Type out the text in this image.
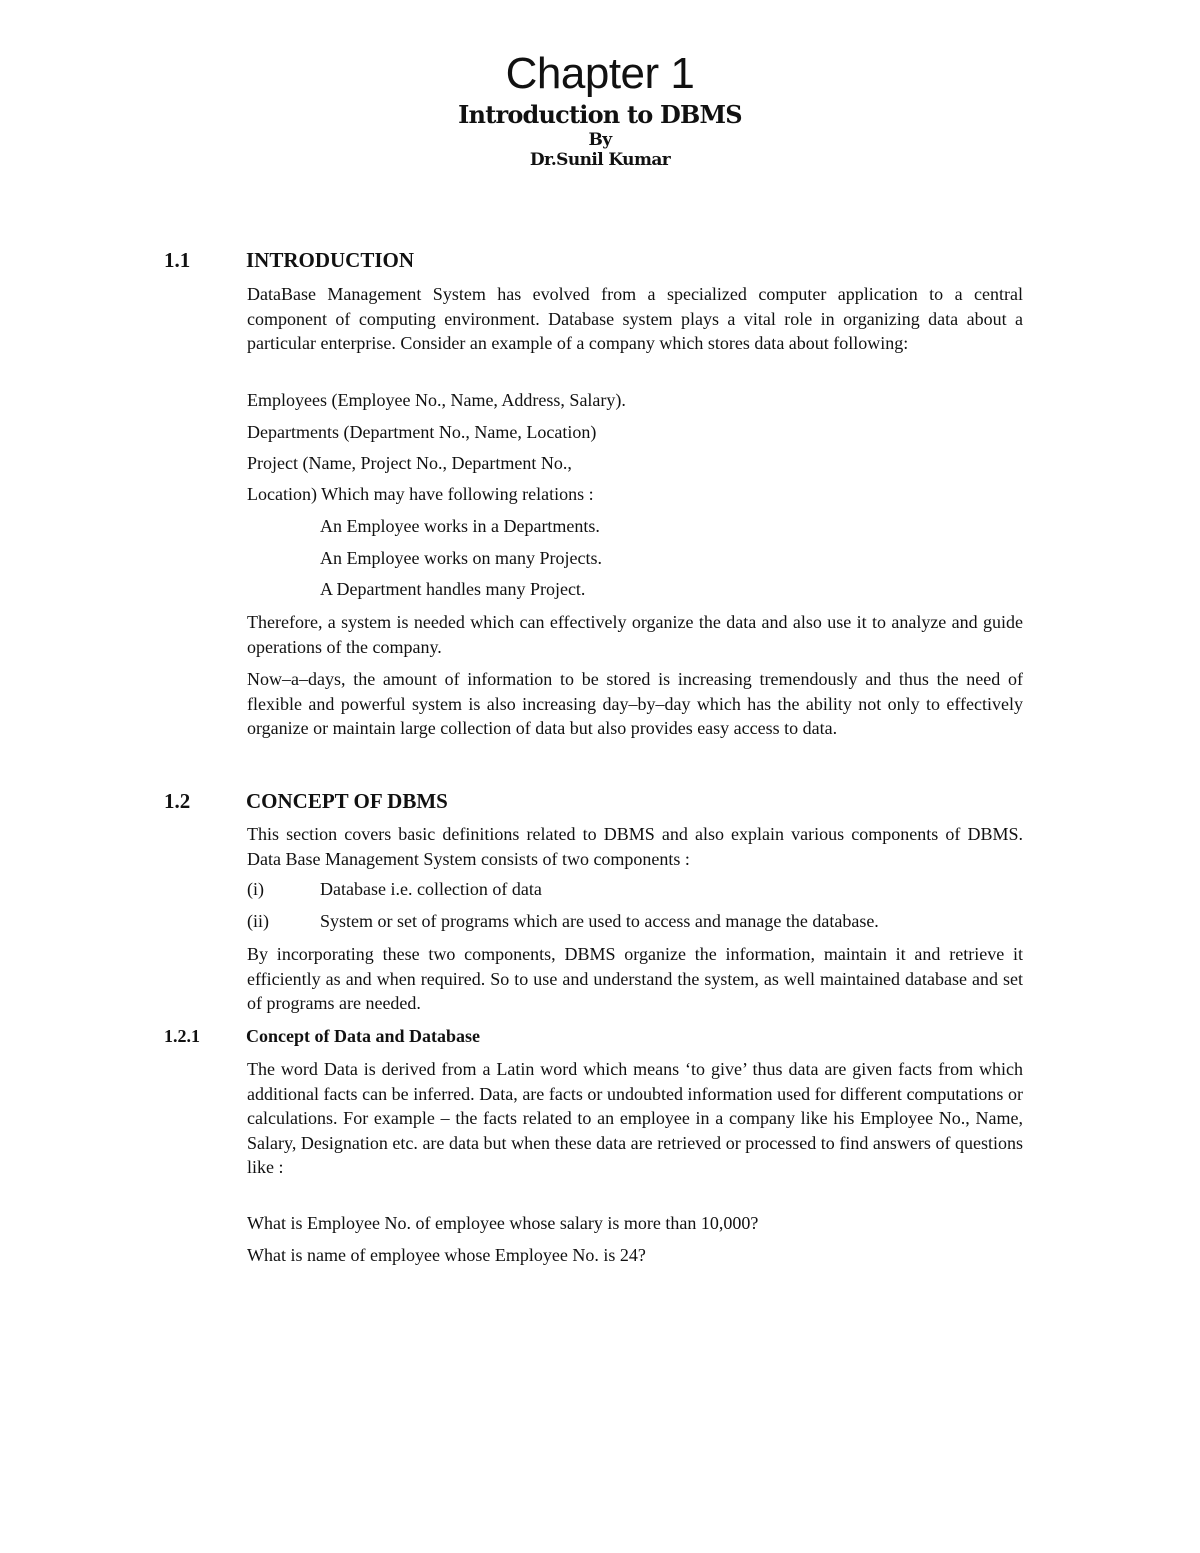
Chapter 1
Introduction to DBMS
By
Dr.Sunil Kumar
1.1	INTRODUCTION
DataBase Management System has evolved from a specialized computer application to a central component of computing environment. Database system plays a vital role in organizing data about a particular enterprise. Consider an example of a company which stores data about following:
Employees (Employee No., Name, Address, Salary).
Departments (Department No., Name, Location)
Project (Name, Project No., Department No.,
Location) Which may have following relations :
An Employee works in a Departments.
An Employee works on many Projects.
A Department handles many Project.
Therefore, a system is needed which can effectively organize the data and also use it to analyze and guide operations of the company.
Now–a–days, the amount of information to be stored is increasing tremendously and thus the need of flexible and powerful system is also increasing day–by–day which has the ability not only to effectively organize or maintain large collection of data but also provides easy access to data.
1.2	CONCEPT OF DBMS
This section covers basic definitions related to DBMS and also explain various components of DBMS. Data Base Management System consists of two components :
(i)	Database i.e. collection of data
(ii)	System or set of programs which are used to access and manage the database.
By incorporating these two components, DBMS organize the information, maintain it and retrieve it efficiently as and when required. So to use and understand the system, as well maintained database and set of programs are needed.
1.2.1	Concept of Data and Database
The word Data is derived from a Latin word which means ‘to give’ thus data are given facts from which additional facts can be inferred. Data, are facts or undoubted information used for different computations or calculations. For example – the facts related to an employee in a company like his Employee No., Name, Salary, Designation etc. are data but when these data are retrieved or processed to find answers of questions like :
What is Employee No. of employee whose salary is more than 10,000?
What is name of employee whose Employee No. is 24?
